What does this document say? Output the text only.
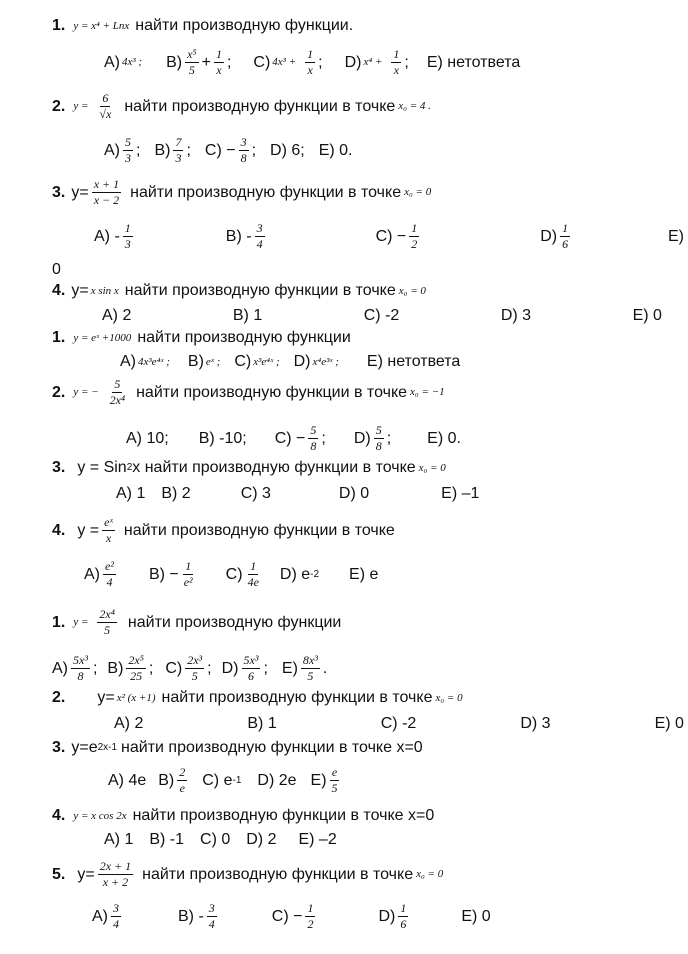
1. y = x⁴ + Lnx найти производную функции.
A) 4x³ ; $B) \frac{\text{x⁵}}{5} + \frac{1}{x}$ ; C) $4x^3 + \frac{1}{x}$ ; D) $x^4 + \frac{1}{x}$ ; E) нетответа
2. $y = \frac{6}{√x}$ найти производную функции в точке x₀ = 4 .
$A) \frac{5}{3}$ ; $B) \frac{7}{3}$ ; $C) - \frac{3}{8}$ ; D) 6; E) 0.
3. $y= \frac{x + 1}{x - 2}$ найти производную функции в точке x₀ = 0
$A) - \frac{1}{3}$	$B) - \frac{3}{4}$	$C) - \frac{1}{2}$	$D) \frac{1}{6}$	E)
0
4. y= x sin x найти производную функции в точке x₀ = 0
A) 2	B) 1	C) -2	D) 3	E) 0
1. y = eˣ +1000 найти производную функции
A) 4x³e⁴ˣ ; B) eˣ ; C) x³e⁴ˣ ; D) x⁴e³ˣ ; E) нетответа
2. y = − $\frac{5}{\text{2x⁴}}$ найти производную функции в точке x₀ = −1
A) 10; B) -10; $C) - \frac{5}{8}$ ; $D) \frac{5}{8}$ ; E) 0.
3. y = Sin 2 x найти производную функции в точке x₀ = 0
A) 1 B) 2	C) 3	D) 0	E) –1
4. $y = \frac{\text{eˣ}}{x}$ найти производную функции в точке
$A) \frac{\text{e²}}{4} B) - \frac{1}{\text{e²}} C) \frac{1}{4e} D$) e -2 E) e
1. $y = \frac{\text{2x⁴}}{5}$ найти производную функции
$A) \frac{\text{5x³}}{8}$ ; $B) \frac{\text{2x⁵}}{25}$ ; $C) \frac{\text{2x³}}{5}$ ; $D) \frac{\text{5x³}}{6}$ ; $E) \frac{\text{8x³}}{5}$ .
2. y= x² (x +1) найти производную функции в точке x₀ = 0
A) 2	B) 1	C) -2	D) 3	E) 0
3. y=e 2x-1 найти производную функции в точке x=0
A) 4e $B) \frac{2}{e} C$) e -1 D) 2e $E) \frac{e}{5}$
4. y = x cos 2x найти производную функции в точке x=0
A) 1 B) -1 C) 0 D) 2 E) –2
5. $y= \frac{2x + 1}{x + 2}$ найти производную функции в точке x₀ = 0
$A) \frac{3}{4}$	$B) - \frac{3}{4}$	$C) - \frac{1}{2}$	$D) \frac{1}{6}$	E) 0
